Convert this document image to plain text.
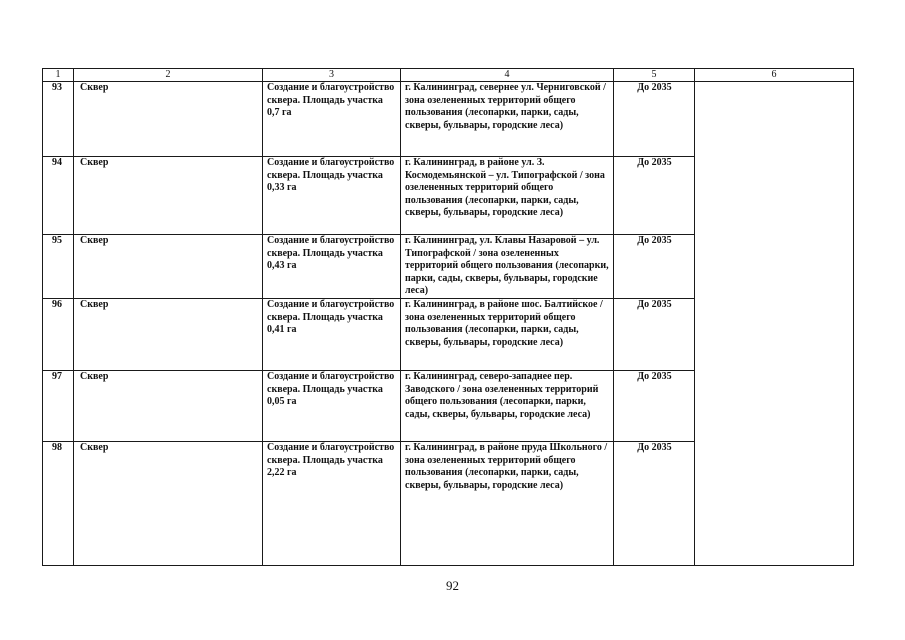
1	2	3	4	5	6
93	Сквер	Создание и благоустройство сквера. Площадь участка 0,7 га	г. Калининград, севернее ул. Черниговской / зона озелененных территорий общего пользования (лесопарки, парки, сады, скверы, бульвары, городские леса)	До 2035	
94	Сквер	Создание и благоустройство сквера. Площадь участка 0,33 га	г. Калининград, в районе ул. З. Космодемьянской – ул. Типографской / зона озелененных территорий общего пользования (лесопарки, парки, сады, скверы, бульвары, городские леса)	До 2035	
95	Сквер	Создание и благоустройство сквера. Площадь участка 0,43 га	г. Калининград, ул. Клавы Назаровой – ул. Типографской / зона озелененных территорий общего пользования (лесопарки, парки, сады, скверы, бульвары, городские леса)	До 2035	
96	Сквер	Создание и благоустройство сквера. Площадь участка 0,41 га	г. Калининград, в районе шос. Балтийское / зона озелененных территорий общего пользования (лесопарки, парки, сады, скверы, бульвары, городские леса)	До 2035	
97	Сквер	Создание и благоустройство сквера. Площадь участка 0,05 га	г. Калининград, северо-западнее пер. Заводского / зона озелененных территорий общего пользования (лесопарки, парки, сады, скверы, бульвары, городские леса)	До 2035	
98	Сквер	Создание и благоустройство сквера. Площадь участка 2,22 га	г. Калининград, в районе пруда Школьного / зона озелененных территорий общего пользования (лесопарки, парки, сады, скверы, бульвары, городские леса)	До 2035	
92
